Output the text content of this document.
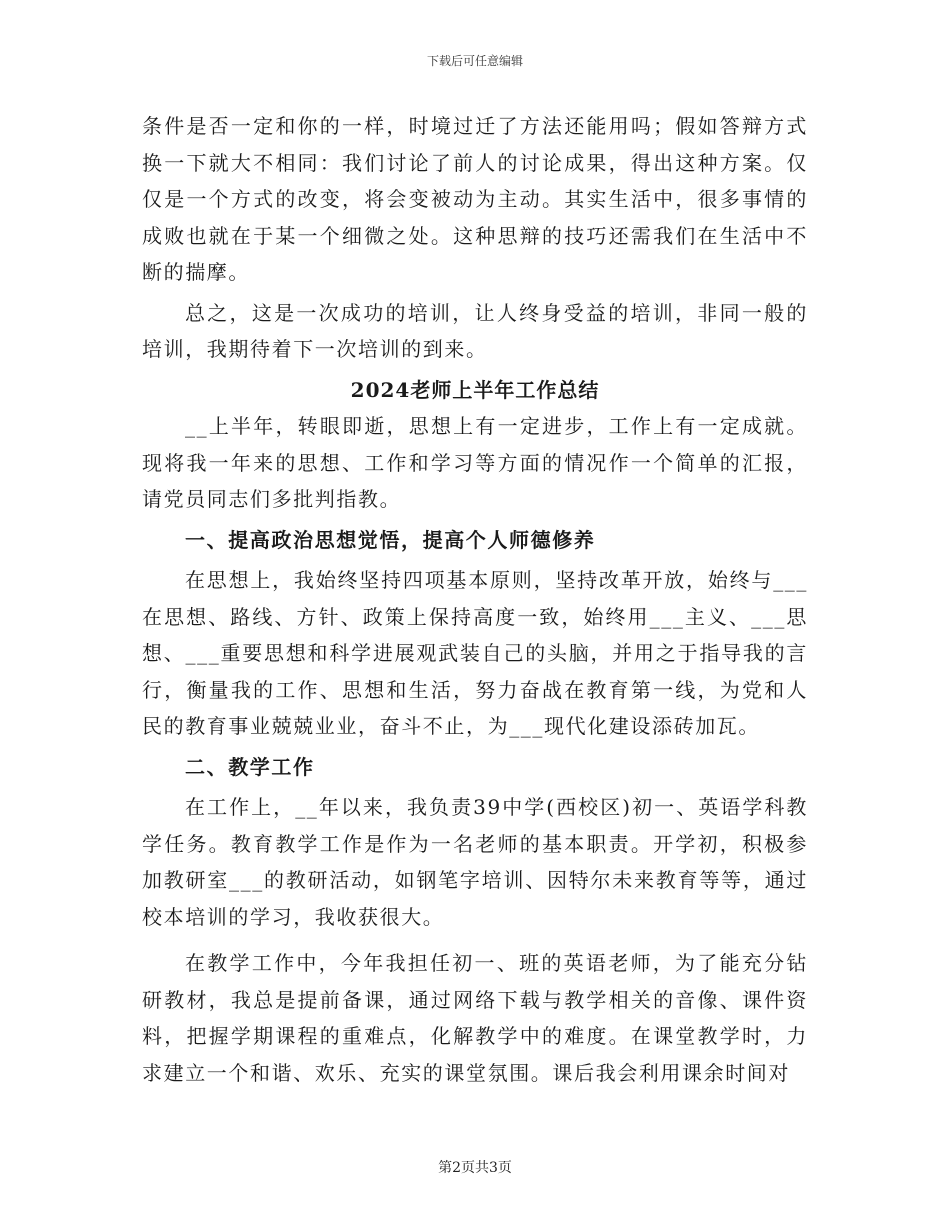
下载后可任意编辑

条件是否一定和你的一样，时境过迁了方法还能用吗；假如答辩方式换一下就大不相同：我们讨论了前人的讨论成果，得出这种方案。仅仅是一个方式的改变，将会变被动为主动。其实生活中，很多事情的成败也就在于某一个细微之处。这种思辩的技巧还需我们在生活中不断的揣摩。

总之，这是一次成功的培训，让人终身受益的培训，非同一般的培训，我期待着下一次培训的到来。

2024老师上半年工作总结

__上半年，转眼即逝，思想上有一定进步，工作上有一定成就。现将我一年来的思想、工作和学习等方面的情况作一个简单的汇报，请党员同志们多批判指教。

一、提高政治思想觉悟，提高个人师德修养

在思想上，我始终坚持四项基本原则，坚持改革开放，始终与___在思想、路线、方针、政策上保持高度一致，始终用___主义、___思想、___重要思想和科学进展观武装自己的头脑，并用之于指导我的言行，衡量我的工作、思想和生活，努力奋战在教育第一线，为党和人民的教育事业兢兢业业，奋斗不止，为___现代化建设添砖加瓦。

二、教学工作

在工作上，__年以来，我负责39中学(西校区)初一、英语学科教学任务。教育教学工作是作为一名老师的基本职责。开学初，积极参加教研室___的教研活动，如钢笔字培训、因特尔未来教育等等，通过校本培训的学习，我收获很大。

在教学工作中，今年我担任初一、班的英语老师，为了能充分钻研教材，我总是提前备课，通过网络下载与教学相关的音像、课件资料，把握学期课程的重难点，化解教学中的难度。在课堂教学时，力求建立一个和谐、欢乐、充实的课堂氛围。课后我会利用课余时间对

第2页共3页
